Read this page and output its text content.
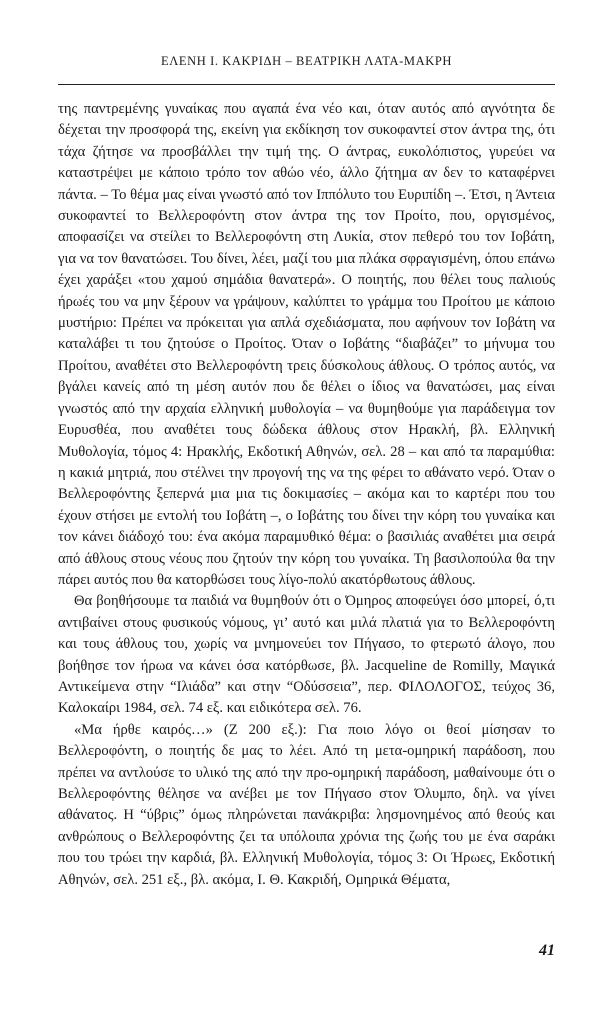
ΕΛΕΝΗ Ι. ΚΑΚΡΙΔΗ – ΒΕΑΤΡΙΚΗ ΛΑΤΑ-ΜΑΚΡΗ

της παντρεμένης γυναίκας που αγαπά ένα νέο και, όταν αυτός από αγνότητα δε δέχεται την προσφορά της, εκείνη για εκδίκηση τον συκοφαντεί στον άντρα της, ότι τάχα ζήτησε να προσβάλλει την τιμή της. Ο άντρας, ευκολόπιστος, γυρεύει να καταστρέψει με κάποιο τρόπο τον αθώο νέο, άλλο ζήτημα αν δεν το καταφέρνει πάντα. – Το θέμα μας είναι γνωστό από τον Ιππόλυτο του Ευριπίδη –. Έτσι, η Άντεια συκοφαντεί το Βελλεροφόντη στον άντρα της τον Προίτο, που, οργισμένος, αποφασίζει να στείλει το Βελλεροφόντη στη Λυκία, στον πεθερό του τον Ιοβάτη, για να τον θανατώσει. Του δίνει, λέει, μαζί του μια πλάκα σφραγισμένη, όπου επάνω έχει χαράξει «του χαμού σημάδια θανατερά». Ο ποιητής, που θέλει τους παλιούς ήρωές του να μην ξέρουν να γράψουν, καλύπτει το γράμμα του Προίτου με κάποιο μυστήριο: Πρέπει να πρόκειται για απλά σχεδιάσματα, που αφήνουν τον Ιοβάτη να καταλάβει τι του ζητούσε ο Προίτος. Όταν ο Ιοβάτης “διαβάζει” το μήνυμα του Προίτου, αναθέτει στο Βελλεροφόντη τρεις δύσκολους άθλους. Ο τρόπος αυτός, να βγάλει κανείς από τη μέση αυτόν που δε θέλει ο ίδιος να θανατώσει, μας είναι γνωστός από την αρχαία ελληνική μυθολογία – να θυμηθούμε για παράδειγμα τον Ευρυσθέα, που αναθέτει τους δώδεκα άθλους στον Ηρακλή, βλ. Ελληνική Μυθολογία, τόμος 4: Ηρακλής, Εκδοτική Αθηνών, σελ. 28 – και από τα παραμύθια: η κακιά μητριά, που στέλνει την προγονή της να της φέρει το αθάνατο νερό. Όταν ο Βελλεροφόντης ξεπερνά μια μια τις δοκιμασίες – ακόμα και το καρτέρι που του έχουν στήσει με εντολή του Ιοβάτη –, ο Ιοβάτης του δίνει την κόρη του γυναίκα και τον κάνει διάδοχό του: ένα ακόμα παραμυθικό θέμα: ο βασιλιάς αναθέτει μια σειρά από άθλους στους νέους που ζητούν την κόρη του γυναίκα. Τη βασιλοπούλα θα την πάρει αυτός που θα κατορθώσει τους λίγο-πολύ ακατόρθωτους άθλους.

Θα βοηθήσουμε τα παιδιά να θυμηθούν ότι ο Όμηρος αποφεύγει όσο μπορεί, ό,τι αντιβαίνει στους φυσικούς νόμους, γι’ αυτό και μιλά πλατιά για το Βελλεροφόντη και τους άθλους του, χωρίς να μνημονεύει τον Πήγασο, το φτερωτό άλογο, που βοήθησε τον ήρωα να κάνει όσα κατόρθωσε, βλ. Jacqueline de Romilly, Μαγικά Αντικείμενα στην “Ιλιάδα” και στην “Οδύσσεια”, περ. ΦΙΛΟΛΟΓΟΣ, τεύχος 36, Καλοκαίρι 1984, σελ. 74 εξ. και ειδικότερα σελ. 76.

«Μα ήρθε καιρός…» (Ζ 200 εξ.): Για ποιο λόγο οι θεοί μίσησαν το Βελλεροφόντη, ο ποιητής δε μας το λέει. Από τη μετα-ομηρική παράδοση, που πρέπει να αντλούσε το υλικό της από την προ-ομηρική παράδοση, μαθαίνουμε ότι ο Βελλεροφόντης θέλησε να ανέβει με τον Πήγασο στον Όλυμπο, δηλ. να γίνει αθάνατος. Η “ύβρις” όμως πληρώνεται πανάκριβα: λησμονημένος από θεούς και ανθρώπους ο Βελλεροφόντης ζει τα υπόλοιπα χρόνια της ζωής του με ένα σαράκι που του τρώει την καρδιά, βλ. Ελληνική Μυθολογία, τόμος 3: Οι Ήρωες, Εκδοτική Αθηνών, σελ. 251 εξ., βλ. ακόμα, Ι. Θ. Κακριδή, Ομηρικά Θέματα,

41
